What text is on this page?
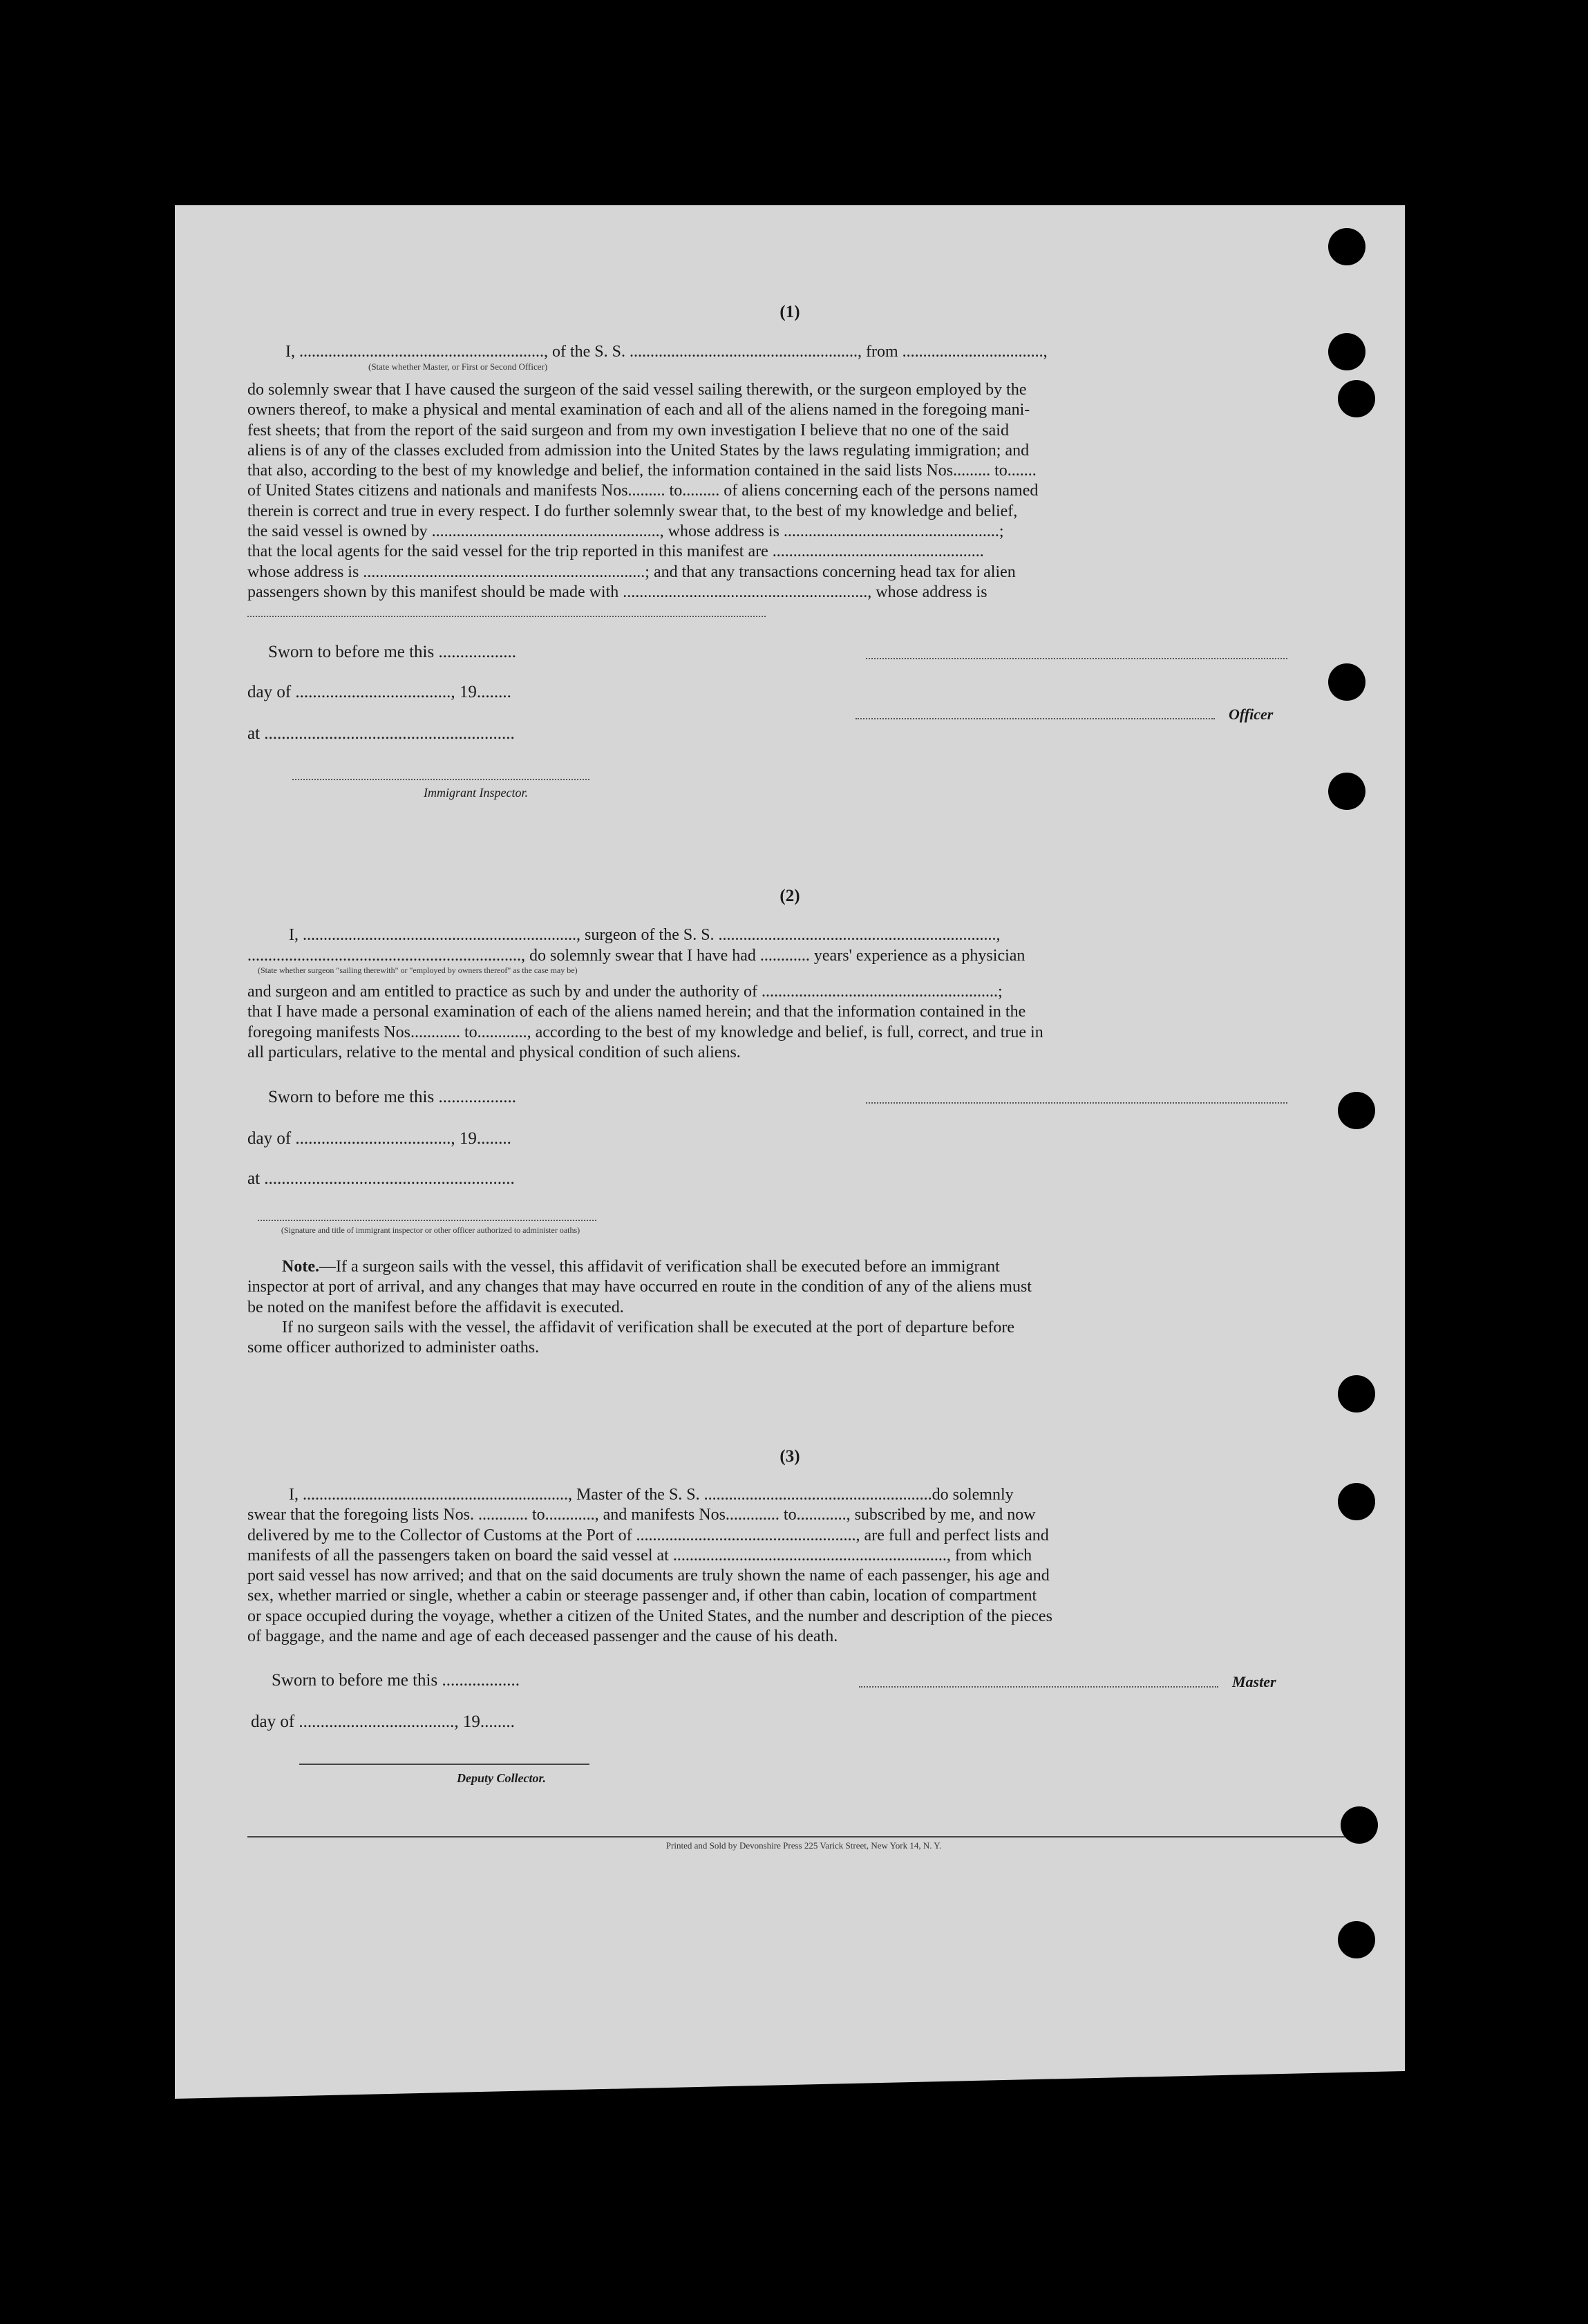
(1)
I, ..........................................................., of the S. S. ......................................................., from ..................................,
(State whether Master, or First or Second Officer)
do solemnly swear that I have caused the surgeon of the said vessel sailing therewith, or the surgeon employed by the
owners thereof, to make a physical and mental examination of each and all of the aliens named in the foregoing mani-
fest sheets; that from the report of the said surgeon and from my own investigation I believe that no one of the said
aliens is of any of the classes excluded from admission into the United States by the laws regulating immigration; and
that also, according to the best of my knowledge and belief, the information contained in the said lists Nos......... to.......
of United States citizens and nationals and manifests Nos......... to......... of aliens concerning each of the persons named
therein is correct and true in every respect. I do further solemnly swear that, to the best of my knowledge and belief,
the said vessel is owned by ......................................................., whose address is ....................................................;
that the local agents for the said vessel for the trip reported in this manifest are ...................................................
whose address is ....................................................................; and that any transactions concerning head tax for alien
passengers shown by this manifest should be made with ..........................................................., whose address is
Sworn to before me this ..................
day of ...................................., 19........
Officer
at ..........................................................
Immigrant Inspector.
(2)
I, .................................................................., surgeon of the S. S. ...................................................................,
.................................................................., do solemnly swear that I have had ............ years' experience as a physician
(State whether surgeon "sailing therewith" or "employed by owners thereof" as the case may be)
and surgeon and am entitled to practice as such by and under the authority of .........................................................;
that I have made a personal examination of each of the aliens named herein; and that the information contained in the
foregoing manifests Nos............ to............, according to the best of my knowledge and belief, is full, correct, and true in
all particulars, relative to the mental and physical condition of such aliens.
Sworn to before me this ..................
day of ...................................., 19........
at ..........................................................
(Signature and title of immigrant inspector or other officer authorized to administer oaths)
Note.—If a surgeon sails with the vessel, this affidavit of verification shall be executed before an immigrant
inspector at port of arrival, and any changes that may have occurred en route in the condition of any of the aliens must
be noted on the manifest before the affidavit is executed.
If no surgeon sails with the vessel, the affidavit of verification shall be executed at the port of departure before
some officer authorized to administer oaths.
(3)
I, ................................................................, Master of the S. S. .......................................................do solemnly
swear that the foregoing lists Nos. ............ to............, and manifests Nos............. to............, subscribed by me, and now
delivered by me to the Collector of Customs at the Port of ....................................................., are full and perfect lists and
manifests of all the passengers taken on board the said vessel at .................................................................., from which
port said vessel has now arrived; and that on the said documents are truly shown the name of each passenger, his age and
sex, whether married or single, whether a cabin or steerage passenger and, if other than cabin, location of compartment
or space occupied during the voyage, whether a citizen of the United States, and the number and description of the pieces
of baggage, and the name and age of each deceased passenger and the cause of his death.
Sworn to before me this ..................	Master
day of ...................................., 19........
Deputy Collector.
Printed and Sold by Devonshire Press 225 Varick Street, New York 14, N. Y.
